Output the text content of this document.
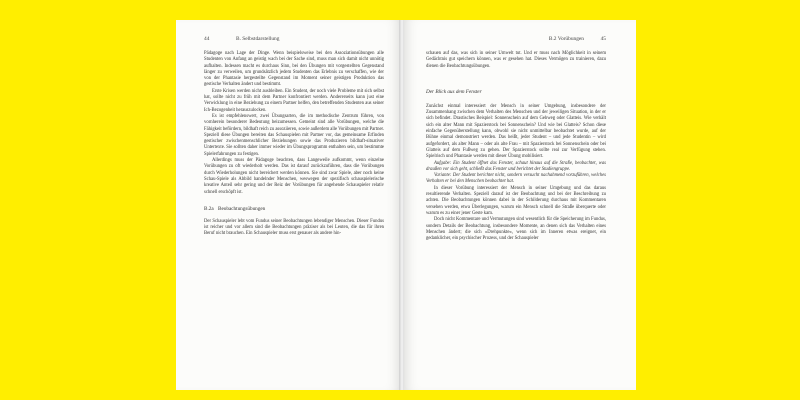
44	B. Selbstdarstellung

Pädagoge nach Lage der Dinge. Wenn beispielsweise bei den Assoziationsübungen alle Studenten von Anfang an geistig wach bei der Sache sind, muss man sich damit nicht unnötig aufhalten. Indessen macht es durchaus Sinn, bei den Übungen mit vorgestellten Gegenstand länger zu verweilen, um grundsätzlich jedem Studenten das Erlebnis zu verschaffen, wie der von der Phantasie hergestellte Gegenstand im Moment seiner geistigen Produktion das gestische Verhalten ändert und bestimmt.

Erste Krisen werden nicht ausbleiben. Ein Student, der noch viele Probleme mit sich selbst hat, sollte nicht zu früh mit dem Partner konfrontiert werden. Andererseits kann just eine Verwicklung in eine Beziehung zu einem Partner helfen, den betreffenden Studenten aus seiner Ich-Bezogenheit herauszulocken.

Es ist empfehlenswert, zwei Übungsarten, die im methodische Zentrum führen, von vornherein besonderer Bedeutung beizumessen. Gemeint sind alle Vorübungen, welche die Fähigkeit befördern, bildhaft reich zu assoziieren, sowie außerdem alle Vorübungen mit Partner. Speziell diese Übungen bereiten das Schauspielen mit Partner vor, das gemeinsame Erfinden gestischer zwischenmenschlicher Beziehungen sowie das Produzieren bildhaft-situativer Untertexte. Sie sollten daher immer wieder im Übungsprogramm enthalten sein, um bestimmte Spielerfahrungen zu festigen.

Allerdings muss der Pädagoge beachten, dass Langeweile aufkommt, wenn einzelne Vorübungen zu oft wiederholt werden. Das ist darauf zurückzuführen, dass die Vorübungen durch Wiederholungen nicht bereichert werden können. Sie sind zwar Spiele, aber noch keine Schau-Spiele als Abbild handelnder Menschen, weswegen der spezifisch schauspielerische kreative Anteil sehr gering und der Reiz der Vorübungen für angehende Schauspieler relativ schnell erschöpft ist.

B.2a Beobachtungsübungen

Der Schauspieler lebt vom Fundus seiner Beobachtungen lebendiger Menschen. Dieser Fundus ist reicher und vor allem sind die Beobachtungen präziser als bei Leuten, die das für ihren Beruf nicht brauchen. Ein Schauspieler muss erst genauer als andere hin-

B.2 Vorübungen	45

schauen auf das, was sich in seiner Umwelt tut. Und er muss nach Möglichkeit in seinem Gedächtnis gut speichern können, was er gesehen hat. Dieses Vermögen zu trainieren, dazu dienen die Beobachtungsübungen.

Der Blick aus dem Fenster

Zunächst einmal interessiert der Mensch in seiner Umgebung, insbesondere der Zusammenhang zwischen dem Verhalten des Menschen und der jeweiligen Situation, in der er sich befindet. Drastisches Beispiel: Sonnenschein auf dem Gehweg oder Glatteis. Wie verhält sich ein alter Mann mit Spazierstock bei Sonnenschein? Und wie bei Glatteis? Schon diese einfache Gegenüberstellung kann, obwohl sie nicht unmittelbar beobachtet wurde, auf der Bühne einmal demonstriert werden. Das heißt, jeder Student – und jede Studentin – wird aufgefordert, als alter Mann – oder als alte Frau – mit Spazierstock bei Sonnenschein oder bei Glatteis auf dem Fußweg zu gehen. Der Spazierstock sollte real zur Verfügung stehen. Spielrisch und Phantasie werden mit dieser Übung mobilisiert.

Aufgabe: Ein Student öffnet das Fenster, schaut hinaus auf die Straße, beobachtet, was draußen vor sich geht, schließt das Fenster und berichtet der Studiengruppe.

Variante: Der Student berichtet nicht, sondern versucht nachahmend vorzuführen, welches Verhalten er bei den Menschen beobachtet hat.

In dieser Vorübung interessiert der Mensch in seiner Umgebung und das daraus resultierende Verhalten. Speziell darauf ist der Beobachtung und bei der Beschreibung zu achten. Die Beobachtungen können dabei in der Schilderung durchaus mit Kommentaren versehen werden, etwa Überlegungen, warum ein Mensch schnell die Straße überquerte oder warum es zu einer jener Geste kam.

Doch nicht Kommentare und Vermutungen sind wesentlich für die Speicherung im Fundus, sondern Details der Beobachtung, insbesondere Momente, an denen sich das Verhalten eines Menschen ändert; die sich »Drehpunkte«, wenn sich im Inneren etwas ereignet, ein gedanklicher, ein psychischer Prozess, und der Schauspieler
